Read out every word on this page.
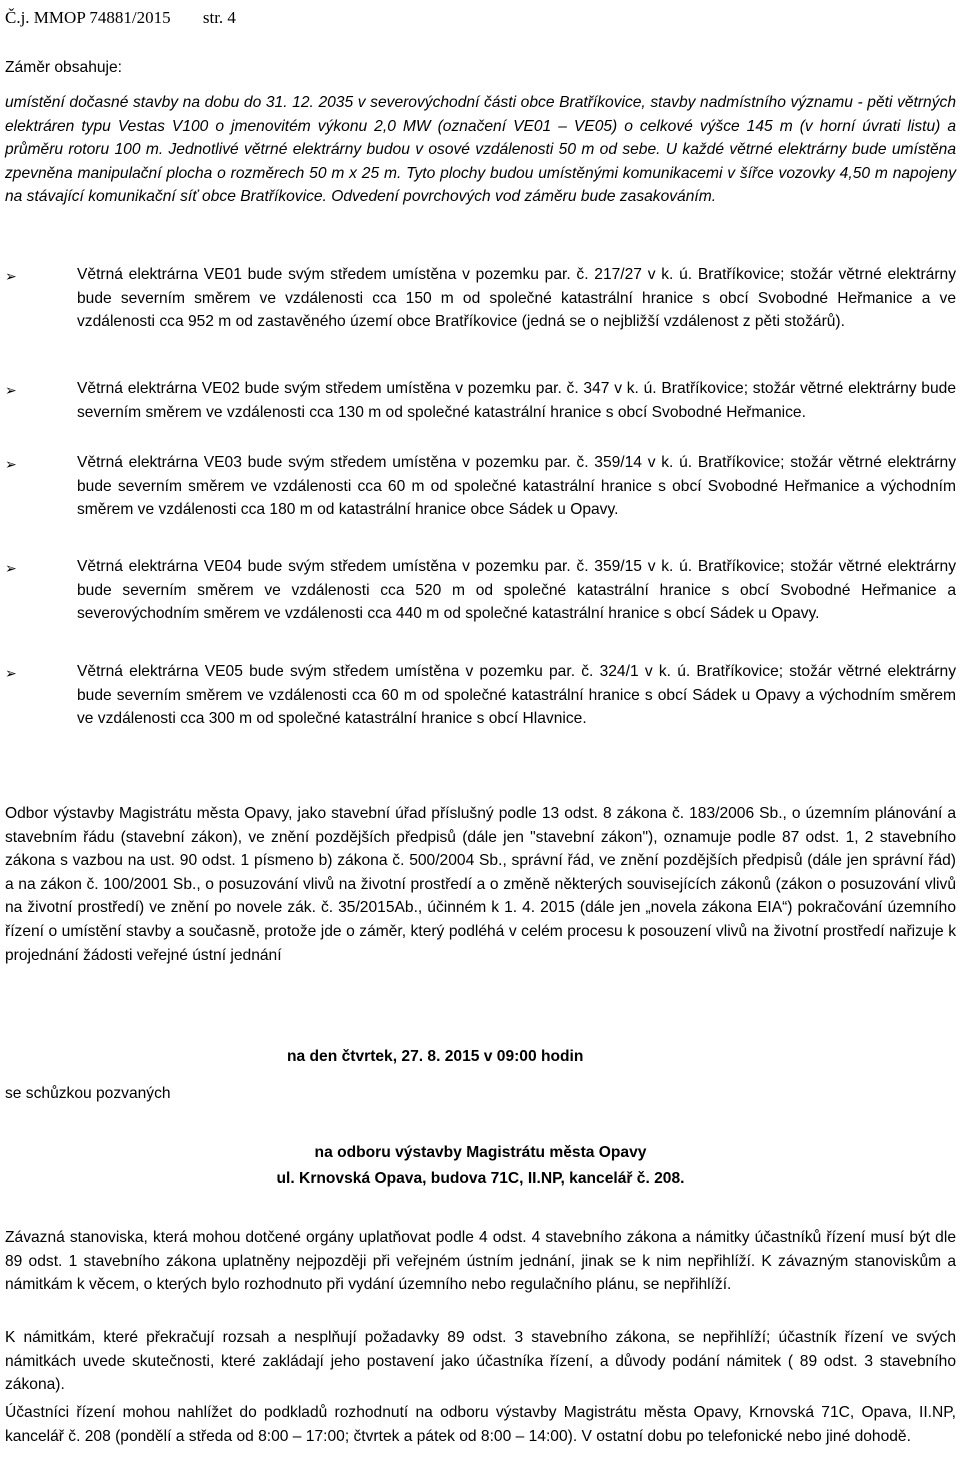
Č.j. MMOP 74881/2015 str. 4
Záměr obsahuje:
umístění dočasné stavby na dobu do 31. 12. 2035 v severovýchodní části obce Bratříkovice, stavby nadmístního významu - pěti větrných elektráren typu Vestas V100 o jmenovitém výkonu 2,0 MW (označení VE01 – VE05) o celkové výšce 145 m (v horní úvrati listu) a průměru rotoru 100 m. Jednotlivé větrné elektrárny budou v osové vzdálenosti 50 m od sebe. U každé větrné elektrárny bude umístěna zpevněna manipulační plocha o rozměrech 50 m x 25 m. Tyto plochy budou umístěnými komunikacemi v šířce vozovky 4,50 m napojeny na stávající komunikační síť obce Bratříkovice. Odvedení povrchových vod záměru bude zasakováním.
➢	Větrná elektrárna VE01 bude svým středem umístěna v pozemku par. č. 217/27 v k. ú. Bratříkovice; stožár větrné elektrárny bude severním směrem ve vzdálenosti cca 150 m od společné katastrální hranice s obcí Svobodné Heřmanice a ve vzdálenosti cca 952 m od zastavěného území obce Bratříkovice (jedná se o nejbližší vzdálenost z pěti stožárů).
➢	Větrná elektrárna VE02 bude svým středem umístěna v pozemku par. č. 347 v k. ú. Bratříkovice; stožár větrné elektrárny bude severním směrem ve vzdálenosti cca 130 m od společné katastrální hranice s obcí Svobodné Heřmanice.
➢	Větrná elektrárna VE03 bude svým středem umístěna v pozemku par. č. 359/14 v k. ú. Bratříkovice; stožár větrné elektrárny bude severním směrem ve vzdálenosti cca 60 m od společné katastrální hranice s obcí Svobodné Heřmanice a východním směrem ve vzdálenosti cca 180 m od katastrální hranice obce Sádek u Opavy.
➢	Větrná elektrárna VE04 bude svým středem umístěna v pozemku par. č. 359/15 v k. ú. Bratříkovice; stožár větrné elektrárny bude severním směrem ve vzdálenosti cca 520 m od společné katastrální hranice s obcí Svobodné Heřmanice a severovýchodním směrem ve vzdálenosti cca 440 m od společné katastrální hranice s obcí Sádek u Opavy.
➢	Větrná elektrárna VE05 bude svým středem umístěna v pozemku par. č. 324/1 v k. ú. Bratříkovice; stožár větrné elektrárny bude severním směrem ve vzdálenosti cca 60 m od společné katastrální hranice s obcí Sádek u Opavy a východním směrem ve vzdálenosti cca 300 m od společné katastrální hranice s obcí Hlavnice.
Odbor výstavby Magistrátu města Opavy, jako stavební úřad příslušný podle 13 odst. 8 zákona č. 183/2006 Sb., o územním plánování a stavebním řádu (stavební zákon), ve znění pozdějších předpisů (dále jen "stavební zákon"), oznamuje podle 87 odst. 1, 2 stavebního zákona s vazbou na ust. 90 odst. 1 písmeno b) zákona č. 500/2004 Sb., správní řád, ve znění pozdějších předpisů (dále jen správní řád) a na zákon č. 100/2001 Sb., o posuzování vlivů na životní prostředí a o změně některých souvisejících zákonů (zákon o posuzování vlivů na životní prostředí) ve znění po novele zák. č. 35/2015Ab., účinném k 1. 4. 2015 (dále jen „novela zákona EIA“) pokračování územního řízení o umístění stavby a současně, protože jde o záměr, který podléhá v celém procesu k posouzení vlivů na životní prostředí nařizuje k projednání žádosti veřejné ústní jednání
na den čtvrtek, 27. 8. 2015 v 09:00 hodin
se schůzkou pozvaných
na odboru výstavby Magistrátu města Opavy
ul. Krnovská Opava, budova 71C, II.NP, kancelář č. 208.
Závazná stanoviska, která mohou dotčené orgány uplatňovat podle 4 odst. 4 stavebního zákona a námitky účastníků řízení musí být dle 89 odst. 1 stavebního zákona uplatněny nejpozději při veřejném ústním jednání, jinak se k nim nepřihlíží. K závazným stanoviskům a námitkám k věcem, o kterých bylo rozhodnuto při vydání územního nebo regulačního plánu, se nepřihlíží.
K námitkám, které překračují rozsah a nesplňují požadavky 89 odst. 3 stavebního zákona, se nepřihlíží; účastník řízení ve svých námitkách uvede skutečnosti, které zakládají jeho postavení jako účastníka řízení, a důvody podání námitek ( 89 odst. 3 stavebního zákona).
Účastníci řízení mohou nahlížet do podkladů rozhodnutí na odboru výstavby Magistrátu města Opavy, Krnovská 71C, Opava, II.NP, kancelář č. 208 (pondělí a středa od 8:00 – 17:00; čtvrtek a pátek od 8:00 – 14:00). V ostatní dobu po telefonické nebo jiné dohodě.
